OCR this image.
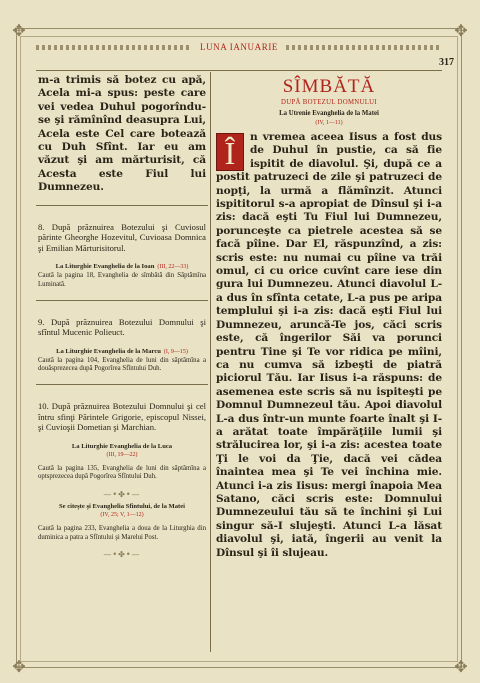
✥	✥
✥	✥
LUNA IANUARIE
317

m-a trimis să botez cu apă, Acela mi-a spus: peste care vei vedea Duhul pogorîndu-se şi rămînînd deasupra Lui, Acela este Cel care botează cu Duh Sfînt. Iar eu am văzut şi am mărturisit, că Acesta este Fiul lui Dumnezeu.

8. După prăznuirea Botezului şi Cuviosul părinte Gheorghe Hozevitul, Cuvioasa Domnica şi Emilian Mărturisitorul.

La Liturghie Evanghelia de la Ioan (III, 22—33)

Caută la pagina 18, Evanghelia de sîmbătă din Săptămîna Luminată.

9. După prăznuirea Botezului Domnului şi sfîntul Mucenic Polieuct.

La Liturghie Evanghelia de la Marcu (I, 9—15)

Caută la pagina 104, Evanghelia de luni din săptămîna a douăsprezecea după Pogorîrea Sfîntului Duh.

10. După prăznuirea Botezului Domnului şi cel întru sfinţi Părintele Grigorie, episcopul Nissei, şi Cuvioşii Dometian şi Marchian.

La Liturghie Evanghelia de la Luca

(III, 19—22)

Caută la pagina 135, Evanghelia de luni din săptămîna a optsprezecea după Pogorîrea Sfîntului Duh.

—•✤•—

Se citeşte şi Evanghelia Sfîntului, de la Matei

(IV, 25; V, 1—12)

Caută la pagina 233, Evanghelia a doua de la Liturghia din duminica a patra a Sfîntului şi Marelui Post.

—•✤•—

SÎMBĂTĂ

DUPĂ BOTEZUL DOMNULUI

La Utrenie Evanghelia de la Matei

(IV, 1—11)

Î	n vremea aceea Iisus a fost dus de Duhul în pustie, ca să fie ispitit de diavolul. Şi, după ce a postit patruzeci de zile şi patruzeci de nopţi, la urmă a flămînzit. Atunci ispititorul s-a apropiat de Dînsul şi i-a zis: dacă eşti Tu Fiul lui Dumnezeu, porunceşte ca pietrele acestea să se facă pîine. Dar El, răspunzînd, a zis: scris este: nu numai cu pîine va trăi omul, ci cu orice cuvînt care iese din gura lui Dumnezeu. Atunci diavolul L-a dus în sfînta cetate, L-a pus pe aripa templului şi i-a zis: dacă eşti Fiul lui Dumnezeu, aruncă-Te jos, căci scris este, că îngerilor Săi va porunci pentru Tine şi Te vor ridica pe mîini, ca nu cumva să izbeşti de piatră piciorul Tău. Iar Iisus i-a răspuns: de asemenea este scris să nu ispiteşti pe Domnul Dumnezeul tău. Apoi diavolul L-a dus într-un munte foarte înalt şi I-a arătat toate împărăţiile lumii şi strălucirea lor, şi i-a zis: acestea toate Ţi le voi da Ţie, dacă vei cădea înaintea mea şi Te vei închina mie. Atunci i-a zis Iisus: mergi înapoia Mea Satano, căci scris este: Domnului Dumnezeului tău să te închini şi Lui singur să-I slujeşti. Atunci L-a lăsat diavolul şi, iată, îngerii au venit la Dînsul şi îi slujeau.
